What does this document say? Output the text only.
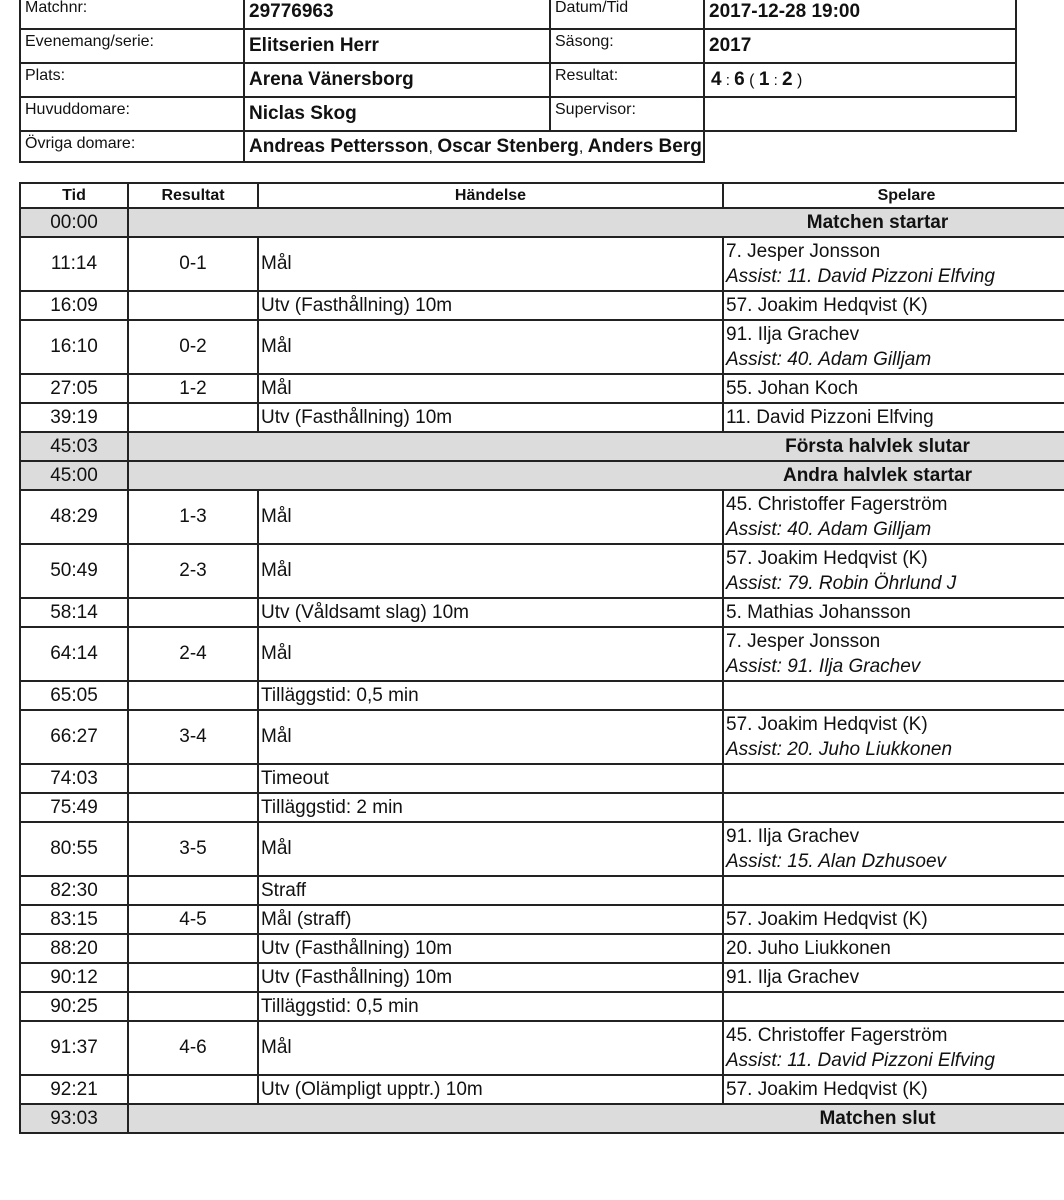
Matchnr:	29776963	Datum/Tid	2017-12-28 19:00
Evenemang/serie:	Elitserien Herr	Säsong:	2017
Plats:	Arena Vänersborg	Resultat:	4 : 6 ( 1 : 2 )
Huvuddomare:	Niclas Skog	Supervisor:	
Övriga domare:	Andreas Pettersson, Oscar Stenberg, Anders Berg		
Tid	Resultat	Händelse	Spelare
00:00	Matchen startar		
11:14	0-1	Mål	7. Jesper Jonsson
Assist: 11. David Pizzoni Elfving

16:09		Utv (Fasthållning) 10m	57. Joakim Hedqvist (K)

16:10	0-2	Mål	91. Ilja Grachev
Assist: 40. Adam Gilljam

27:05	1-2	Mål	55. Johan Koch

39:19		Utv (Fasthållning) 10m	11. David Pizzoni Elfving

45:03	Första halvlek slutar		
45:00	Andra halvlek startar		
48:29	1-3	Mål	45. Christoffer Fagerström
Assist: 40. Adam Gilljam

50:49	2-3	Mål	57. Joakim Hedqvist (K)
Assist: 79. Robin Öhrlund J

58:14		Utv (Våldsamt slag) 10m	5. Mathias Johansson

64:14	2-4	Mål	7. Jesper Jonsson
Assist: 91. Ilja Grachev

65:05		Tilläggstid: 0,5 min	

66:27	3-4	Mål	57. Joakim Hedqvist (K)
Assist: 20. Juho Liukkonen

74:03		Timeout	

75:49		Tilläggstid: 2 min	

80:55	3-5	Mål	91. Ilja Grachev
Assist: 15. Alan Dzhusoev

82:30		Straff	

83:15	4-5	Mål (straff)	57. Joakim Hedqvist (K)

88:20		Utv (Fasthållning) 10m	20. Juho Liukkonen

90:12		Utv (Fasthållning) 10m	91. Ilja Grachev

90:25		Tilläggstid: 0,5 min	

91:37	4-6	Mål	45. Christoffer Fagerström
Assist: 11. David Pizzoni Elfving

92:21		Utv (Olämpligt upptr.) 10m	57. Joakim Hedqvist (K)

93:03	Matchen slut		
